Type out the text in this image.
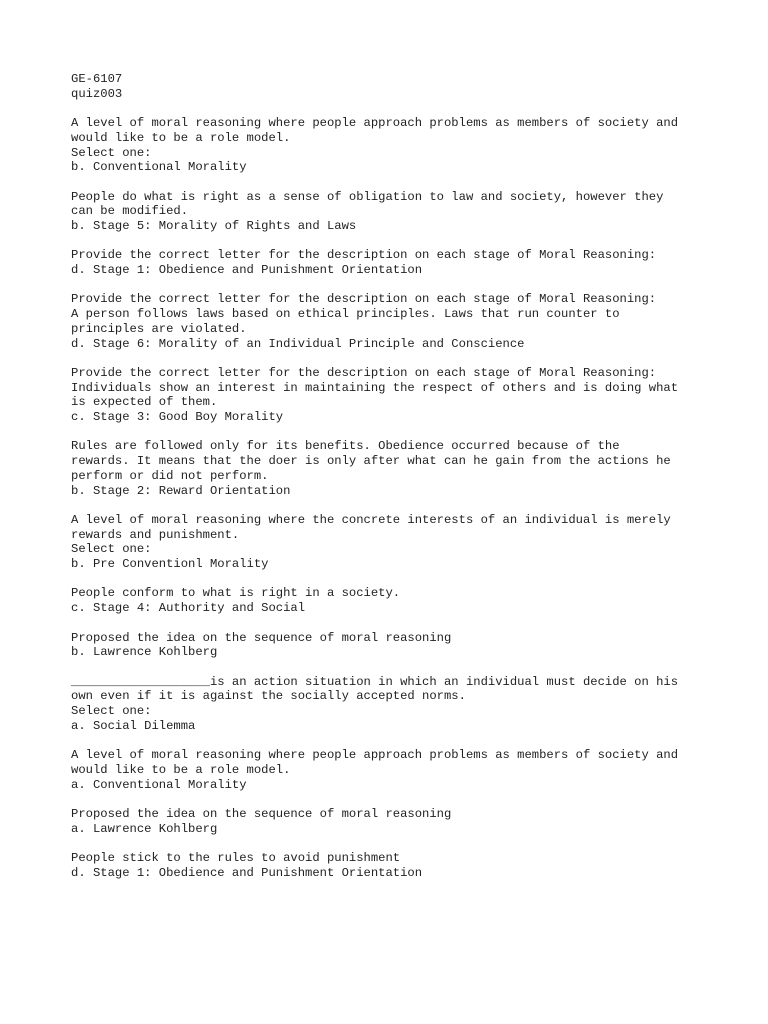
GE-6107
quiz003
A level of moral reasoning where people approach problems as members of society and
would like to be a role model.
Select one:
b. Conventional Morality
People do what is right as a sense of obligation to law and society, however they
can be modified.
b. Stage 5: Morality of Rights and Laws
Provide the correct letter for the description on each stage of Moral Reasoning:
d. Stage 1: Obedience and Punishment Orientation
Provide the correct letter for the description on each stage of Moral Reasoning:
A person follows laws based on ethical principles. Laws that run counter to
principles are violated.
d. Stage 6: Morality of an Individual Principle and Conscience
Provide the correct letter for the description on each stage of Moral Reasoning:
Individuals show an interest in maintaining the respect of others and is doing what
is expected of them.
c. Stage 3: Good Boy Morality
Rules are followed only for its benefits. Obedience occurred because of the
rewards. It means that the doer is only after what can he gain from the actions he
perform or did not perform.
b. Stage 2: Reward Orientation
A level of moral reasoning where the concrete interests of an individual is merely
rewards and punishment.
Select one:
b. Pre Conventionl Morality
People conform to what is right in a society.
c. Stage 4: Authority and Social
Proposed the idea on the sequence of moral reasoning
b. Lawrence Kohlberg
___________________is an action situation in which an individual must decide on his
own even if it is against the socially accepted norms.
Select one:
a. Social Dilemma
A level of moral reasoning where people approach problems as members of society and
would like to be a role model.
a. Conventional Morality
Proposed the idea on the sequence of moral reasoning
a. Lawrence Kohlberg
People stick to the rules to avoid punishment
d. Stage 1: Obedience and Punishment Orientation
